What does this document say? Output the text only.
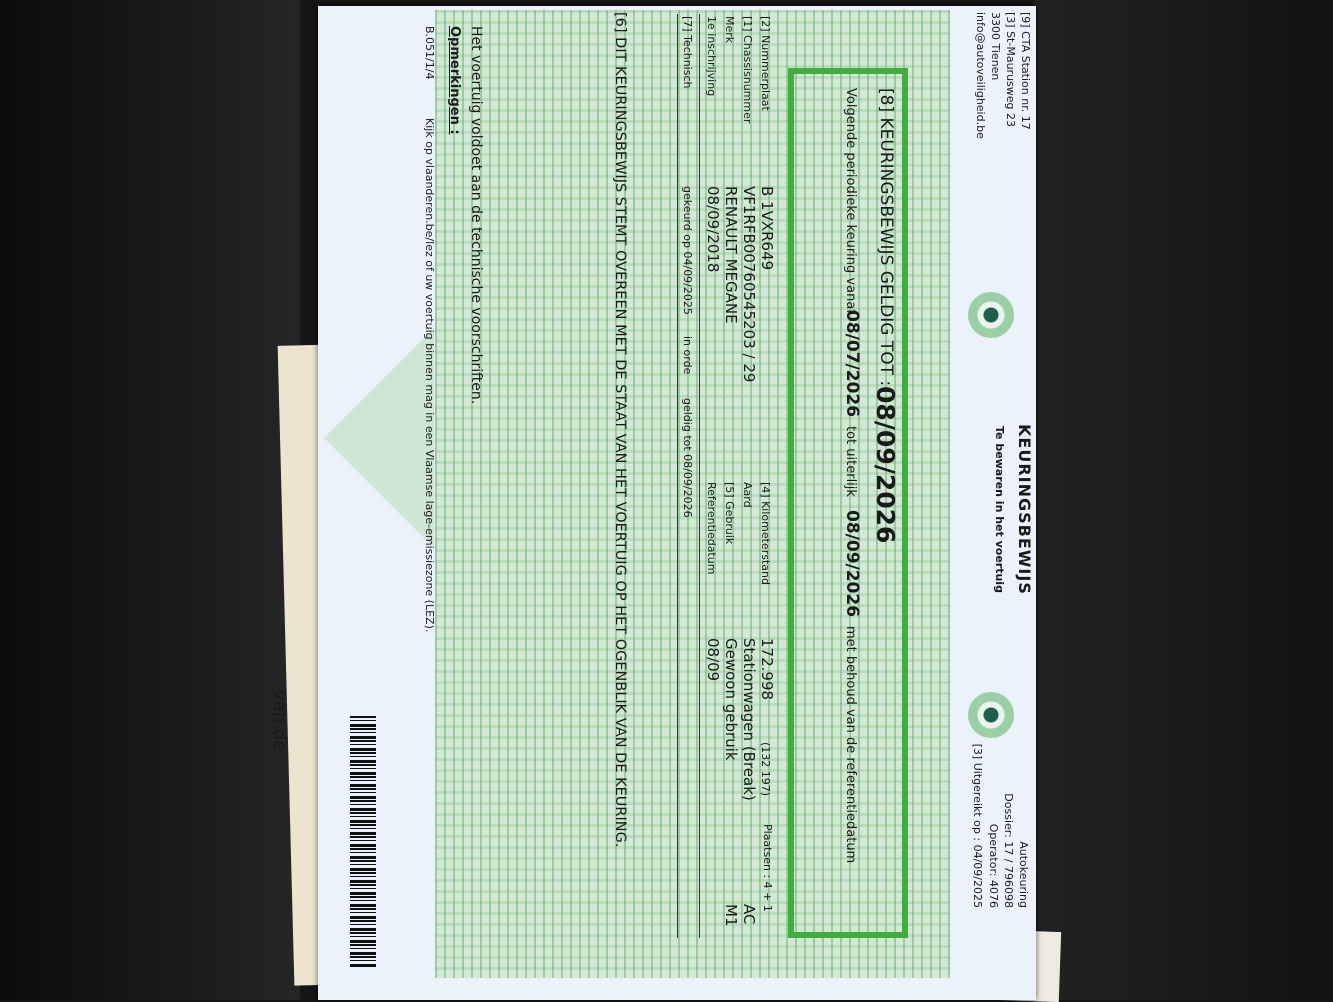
van de
[9] CTA Station nr. 17
[3] St-Maurusweg 23
3300 Tienen
info@autoveiligheid.be
KEURINGSBEWIJS
Te bewaren in het voertuig
Autokeuring
Dossier: 17 / 796098
Operator: 4076
[3] Uitgereikt op : 04/09/2025
[8] KEURINGSBEWIJS GELDIG TOT :
08/09/2026
Volgende periodieke keuring vanaf
08/07/2026
tot uiterlijk
08/09/2026
met behoud van de referentiedatum
[2] Nummerplaat
B 1VXR649
[1] Chassisnummer
VF1RFB00760545203 / 29
Merk
RENAULT MEGANE
1e inschrijving
08/09/2018
[4] Kilometerstand
172.998
(132 197)
Aard
Stationwagen (Break)
Plaatsen : 4 + 1
AC
[5] Gebruik
Gewoon gebruik
M1
Referentiedatum
08/09
[7] Technisch
gekeurd op 04/09/2025
in orde
geldig tot 08/09/2026
[6] DIT KEURINGSBEWIJS STEMT OVEREEN MET DE STAAT VAN HET VOERTUIG OP HET OGENBLIK VAN DE KEURING.
Het voertuig voldoet aan de technische voorschriften.
Opmerkingen :
B.051/1/4
Kijk op vlaanderen.be/lez of uw voertuig binnen mag in een Vlaamse lage-emissiezone (LEZ).
